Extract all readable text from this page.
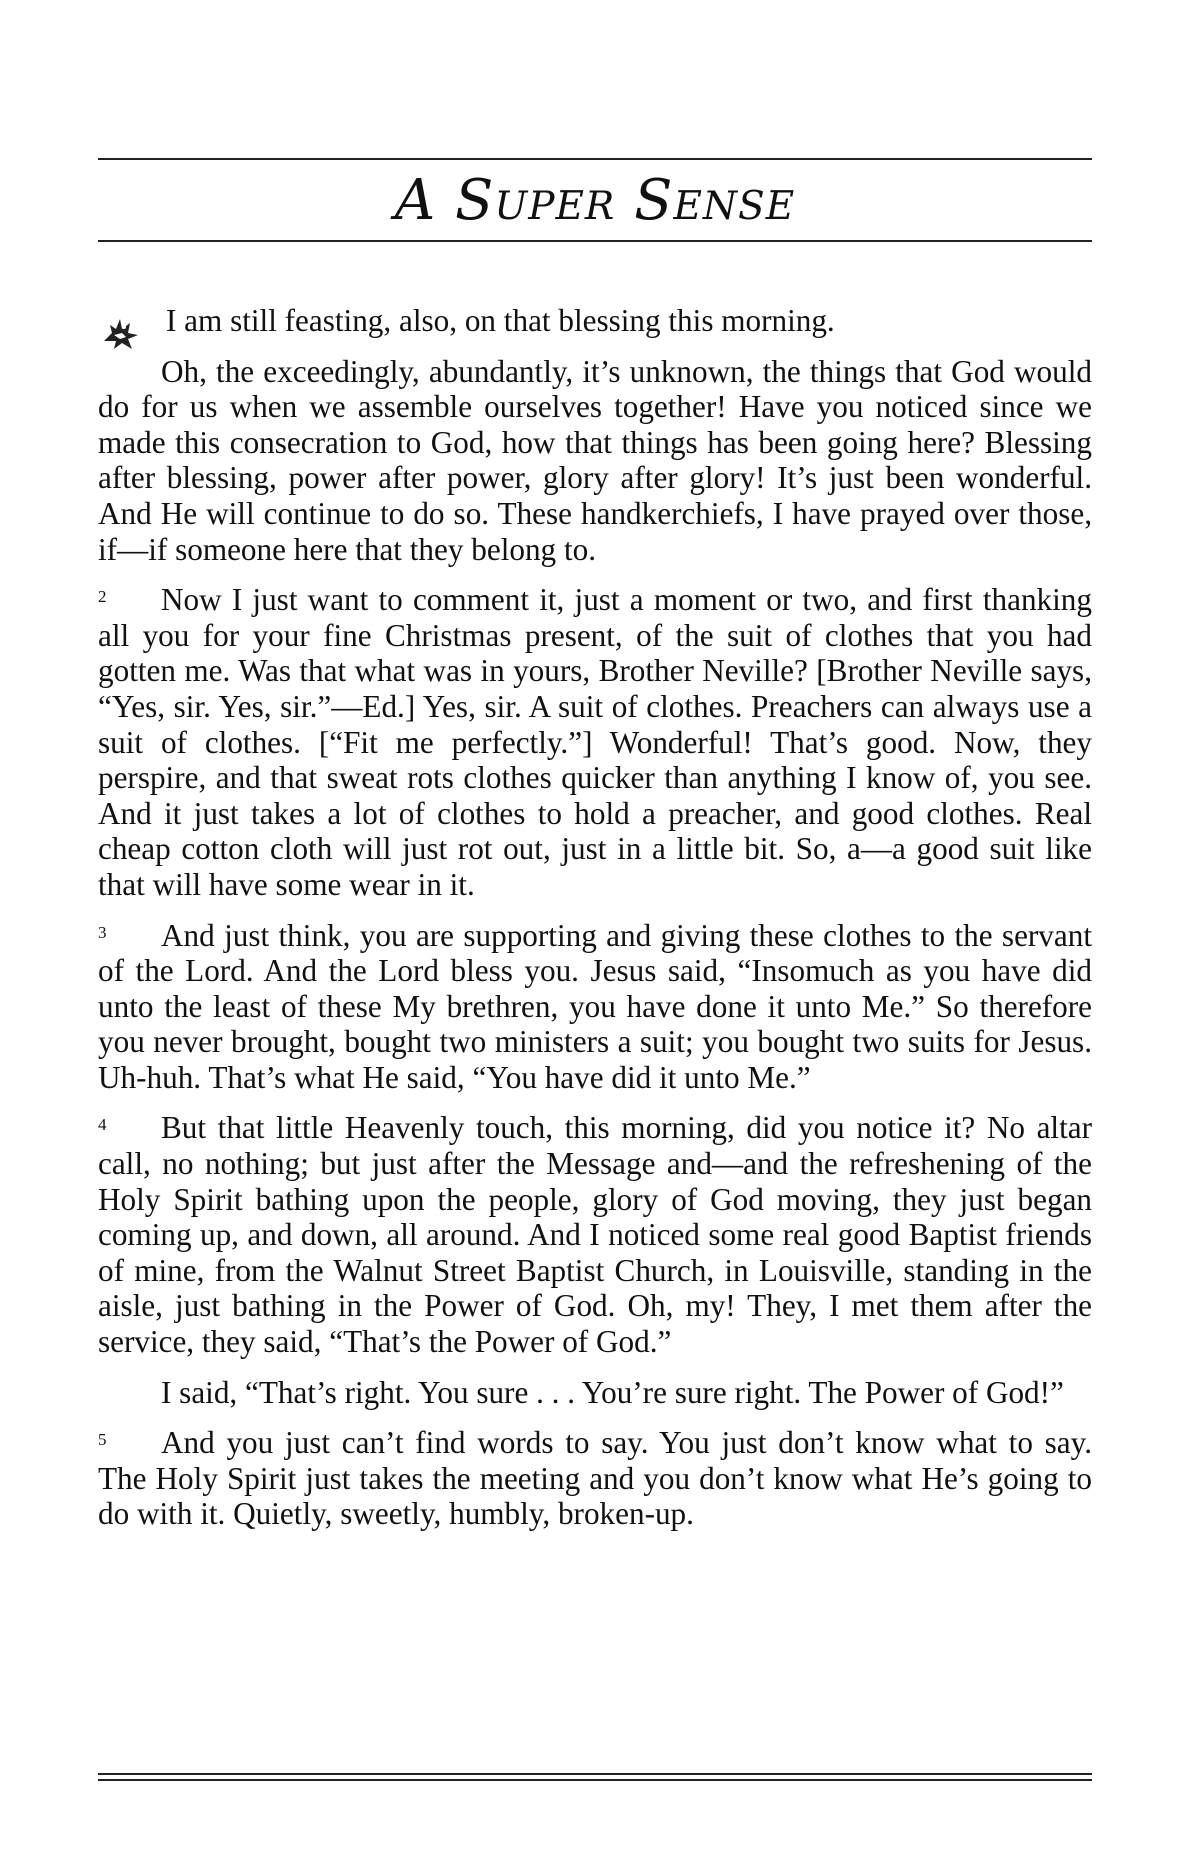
A Super Sense

I am still feasting, also, on that blessing this morning.

Oh, the exceedingly, abundantly, it’s unknown, the things that God would do for us when we assemble ourselves together! Have you noticed since we made this consecration to God, how that things has been going here? Blessing after blessing, power after power, glory after glory! It’s just been wonderful. And He will continue to do so. These handkerchiefs, I have prayed over those, if—if someone here that they belong to.

2 Now I just want to comment it, just a moment or two, and first thanking all you for your fine Christmas present, of the suit of clothes that you had gotten me. Was that what was in yours, Brother Neville? [Brother Neville says, “Yes, sir. Yes, sir.”—Ed.] Yes, sir. A suit of clothes. Preachers can always use a suit of clothes. [“Fit me perfectly.”] Wonderful! That’s good. Now, they perspire, and that sweat rots clothes quicker than anything I know of, you see. And it just takes a lot of clothes to hold a preacher, and good clothes. Real cheap cotton cloth will just rot out, just in a little bit. So, a—a good suit like that will have some wear in it.

3 And just think, you are supporting and giving these clothes to the servant of the Lord. And the Lord bless you. Jesus said, “Insomuch as you have did unto the least of these My brethren, you have done it unto Me.” So therefore you never brought, bought two ministers a suit; you bought two suits for Jesus. Uh-huh. That’s what He said, “You have did it unto Me.”

4 But that little Heavenly touch, this morning, did you notice it? No altar call, no nothing; but just after the Message and—and the refreshening of the Holy Spirit bathing upon the people, glory of God moving, they just began coming up, and down, all around. And I noticed some real good Baptist friends of mine, from the Walnut Street Baptist Church, in Louisville, standing in the aisle, just bathing in the Power of God. Oh, my! They, I met them after the service, they said, “That’s the Power of God.”

I said, “That’s right. You sure . . . You’re sure right. The Power of God!”

5 And you just can’t find words to say. You just don’t know what to say. The Holy Spirit just takes the meeting and you don’t know what He’s going to do with it. Quietly, sweetly, humbly, broken-up.
